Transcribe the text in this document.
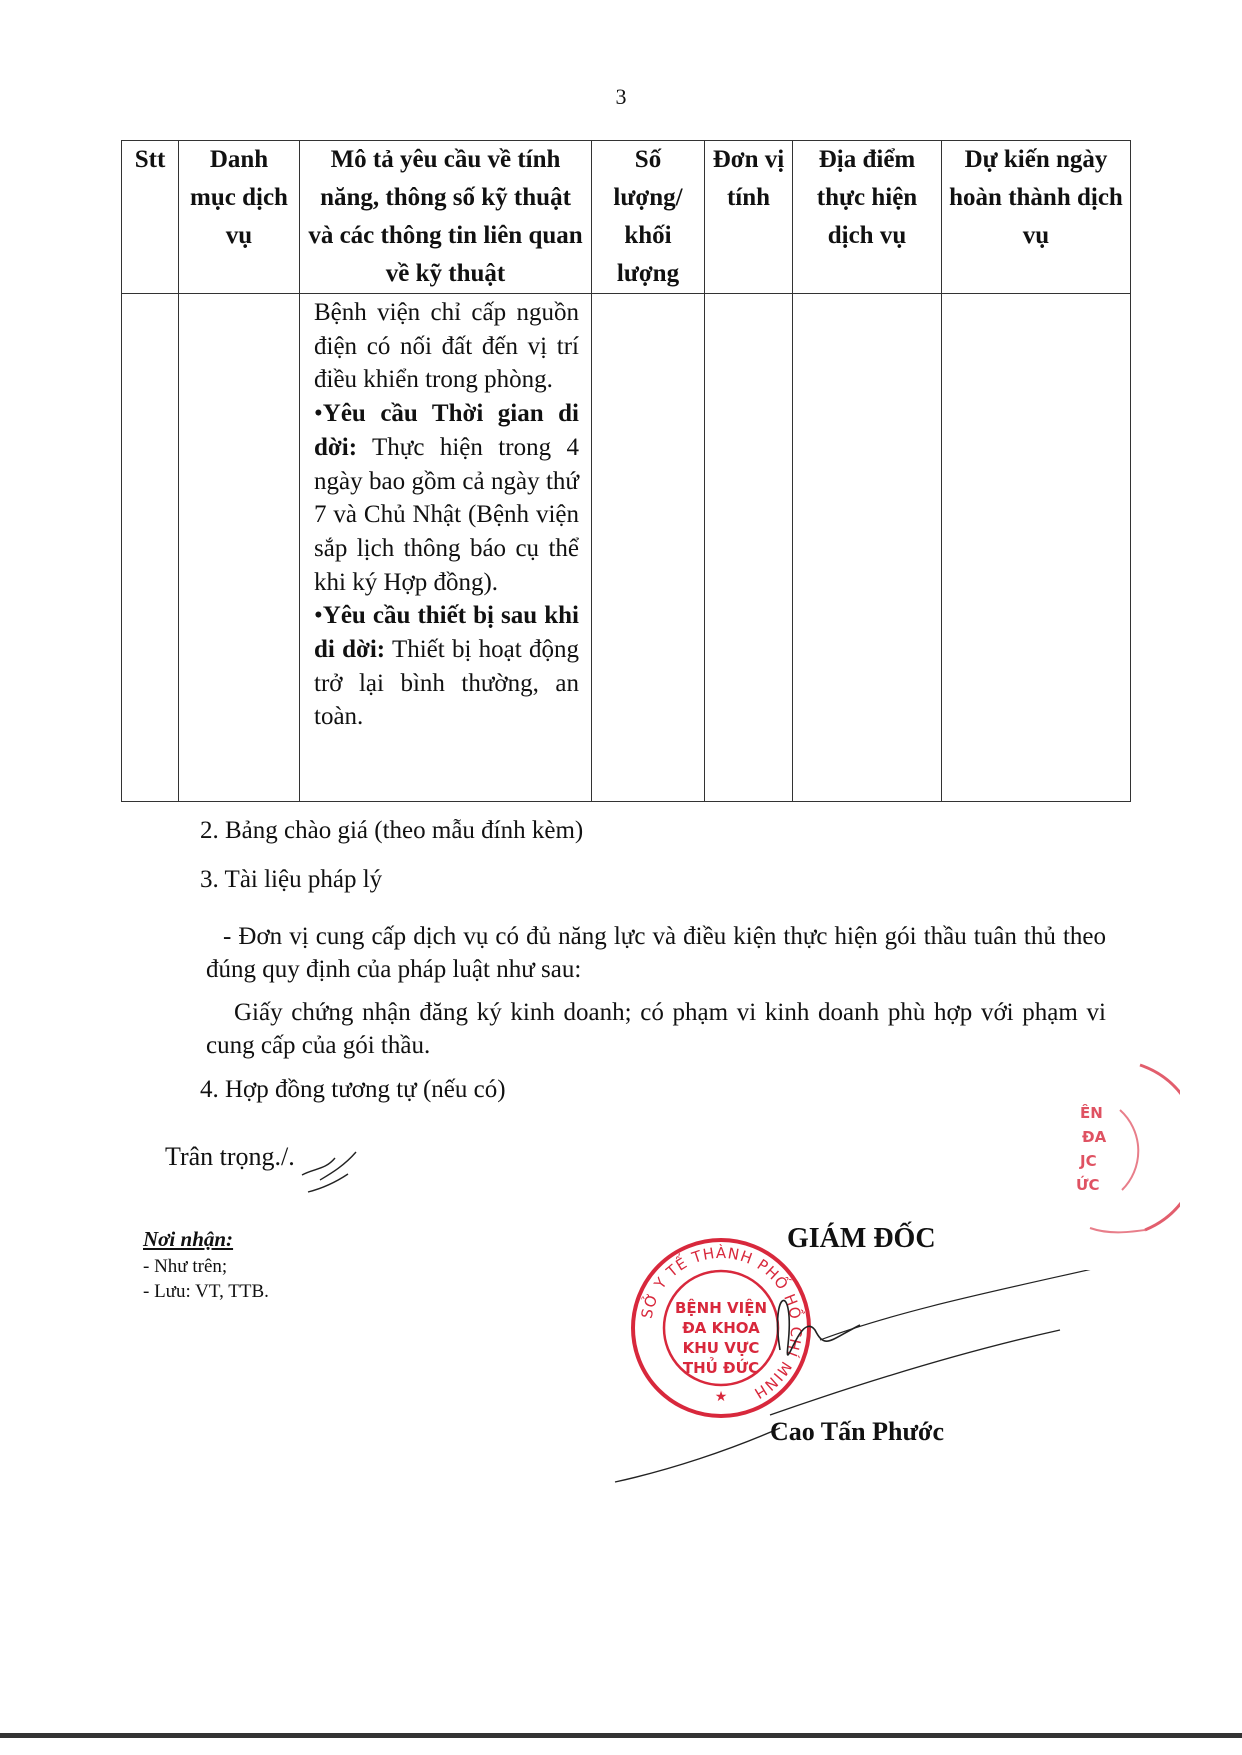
3
Stt	Danh mục dịch vụ	Mô tả yêu cầu về tính năng, thông số kỹ thuật và các thông tin liên quan về kỹ thuật	Số lượng/ khối lượng	Đơn vị tính	Địa điểm thực hiện dịch vụ	Dự kiến ngày hoàn thành dịch vụ

		Bệnh viện chỉ cấp nguồn điện có nối đất đến vị trí điều khiển trong phòng.

•Yêu cầu Thời gian di dời: Thực hiện trong 4 ngày bao gồm cả ngày thứ 7 và Chủ Nhật (Bệnh viện sắp lịch thông báo cụ thể khi ký Hợp đồng).

•Yêu cầu thiết bị sau khi di dời: Thiết bị hoạt động trở lại bình thường, an toàn.				

2. Bảng chào giá (theo mẫu đính kèm)
3. Tài liệu pháp lý
- Đơn vị cung cấp dịch vụ có đủ năng lực và điều kiện thực hiện gói thầu tuân thủ theo đúng quy định của pháp luật như sau:
Giấy chứng nhận đăng ký kinh doanh; có phạm vi kinh doanh phù hợp với phạm vi cung cấp của gói thầu.
4. Hợp đồng tương tự (nếu có)
Trân trọng./.
Nơi nhận:
- Như trên;
- Lưu: VT, TTB.
GIÁM ĐỐC
SỞ Y TẾ THÀNH PHỐ HỒ CHÍ MINH
BỆNH VIỆN
ĐA KHOA
KHU VỰC
THỦ ĐỨC
★
ÊN
ĐA
JC
ỨC
Cao Tấn Phước
